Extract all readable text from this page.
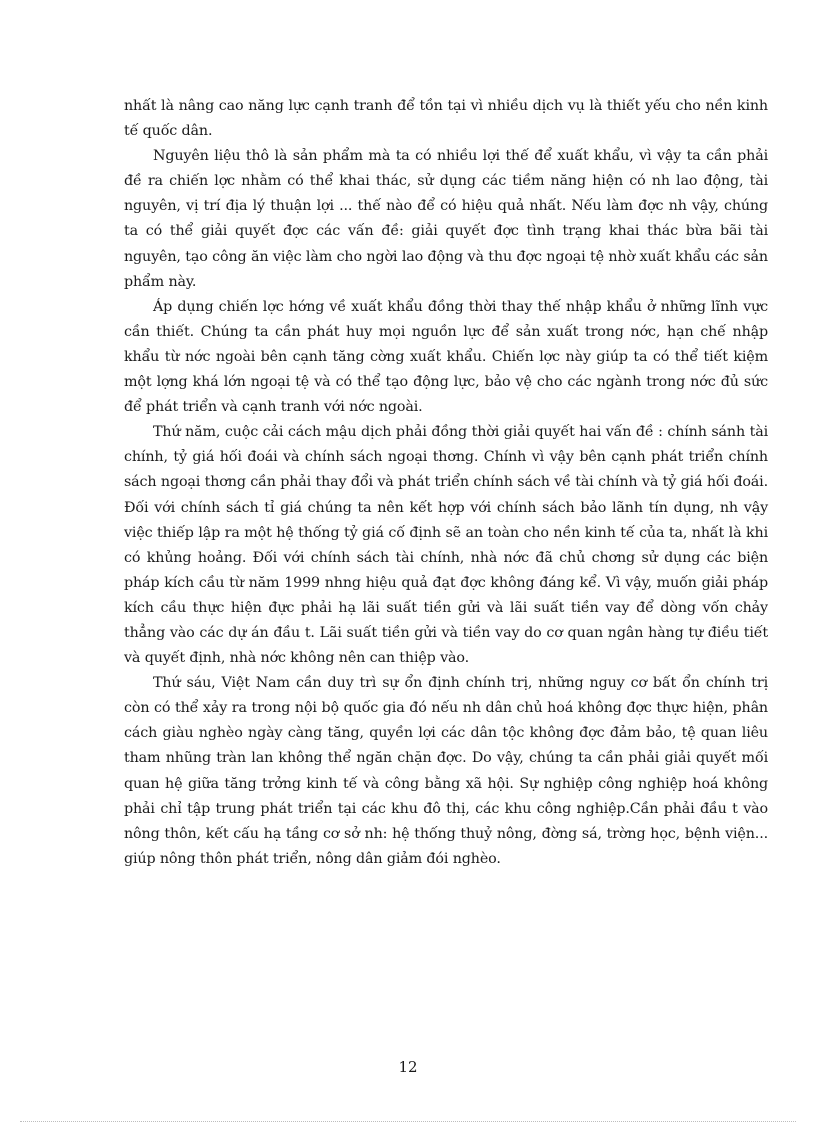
nhất là nâng cao năng lực cạnh tranh để tồn tại vì nhiều dịch vụ là thiết yếu cho nền kinh tế quốc dân.

Nguyên liệu thô là sản phẩm mà ta có nhiều lợi thế để xuất khẩu, vì vậy ta cần phải đề ra chiến lợc nhằm có thể khai thác, sử dụng các tiềm năng hiện có nh lao động, tài nguyên, vị trí địa lý thuận lợi ... thế nào để có hiệu quả nhất. Nếu làm đợc nh vậy, chúng ta có thể giải quyết đợc các vấn đề: giải quyết đợc tình trạng khai thác bừa bãi tài nguyên, tạo công ăn việc làm cho ngời lao động và thu đợc ngoại tệ nhờ xuất khẩu các sản phẩm này.

Áp dụng chiến lợc hớng về xuất khẩu đồng thời thay thế nhập khẩu ở những lĩnh vực cần thiết. Chúng ta cần phát huy mọi nguồn lực để sản xuất trong nớc, hạn chế nhập khẩu từ nớc ngoài bên cạnh tăng cờng xuất khẩu. Chiến lợc này giúp ta có thể tiết kiệm một lợng khá lớn ngoại tệ và có thể tạo động lực, bảo vệ cho các ngành trong nớc đủ sức để phát triển và cạnh tranh với nớc ngoài.

Thứ năm, cuộc cải cách mậu dịch phải đồng thời giải quyết hai vấn đề : chính sánh tài chính, tỷ giá hối đoái và chính sách ngoại thơng. Chính vì vậy bên cạnh phát triển chính sách ngoại thơng cần phải thay đổi và phát triển chính sách về tài chính và tỷ giá hối đoái. Đối với chính sách tỉ giá chúng ta nên kết hợp với chính sách bảo lãnh tín dụng, nh vậy việc thiếp lập ra một hệ thống tỷ giá cố định sẽ an toàn cho nền kinh tế của ta, nhất là khi có khủng hoảng. Đối với chính sách tài chính, nhà nớc đã chủ chơng sử dụng các biện pháp kích cầu từ năm 1999 nhng hiệu quả đạt đợc không đáng kể. Vì vậy, muốn giải pháp kích cầu thực hiện đực phải hạ lãi suất tiền gửi và lãi suất tiền vay để dòng vốn chảy thẳng vào các dự án đầu t. Lãi suất tiền gửi và tiền vay do cơ quan ngân hàng tự điều tiết và quyết định, nhà nớc không nên can thiệp vào.

Thứ sáu, Việt Nam cần duy trì sự ổn định chính trị, những nguy cơ bất ổn chính trị còn có thể xảy ra trong nội bộ quốc gia đó nếu nh dân chủ hoá không đợc thực hiện, phân cách giàu nghèo ngày càng tăng, quyền lợi các dân tộc không đợc đảm bảo, tệ quan liêu tham nhũng tràn lan không thể ngăn chặn đợc. Do vậy, chúng ta cần phải giải quyết mối quan hệ giữa tăng trởng kinh tế và công bằng xã hội. Sự nghiệp công nghiệp hoá không phải chỉ tập trung phát triển tại các khu đô thị, các khu công nghiệp.Cần phải đầu t vào nông thôn, kết cấu hạ tầng cơ sở nh: hệ thống thuỷ nông, đờng sá, trờng học, bệnh viện... giúp nông thôn phát triển, nông dân giảm đói nghèo.

12
